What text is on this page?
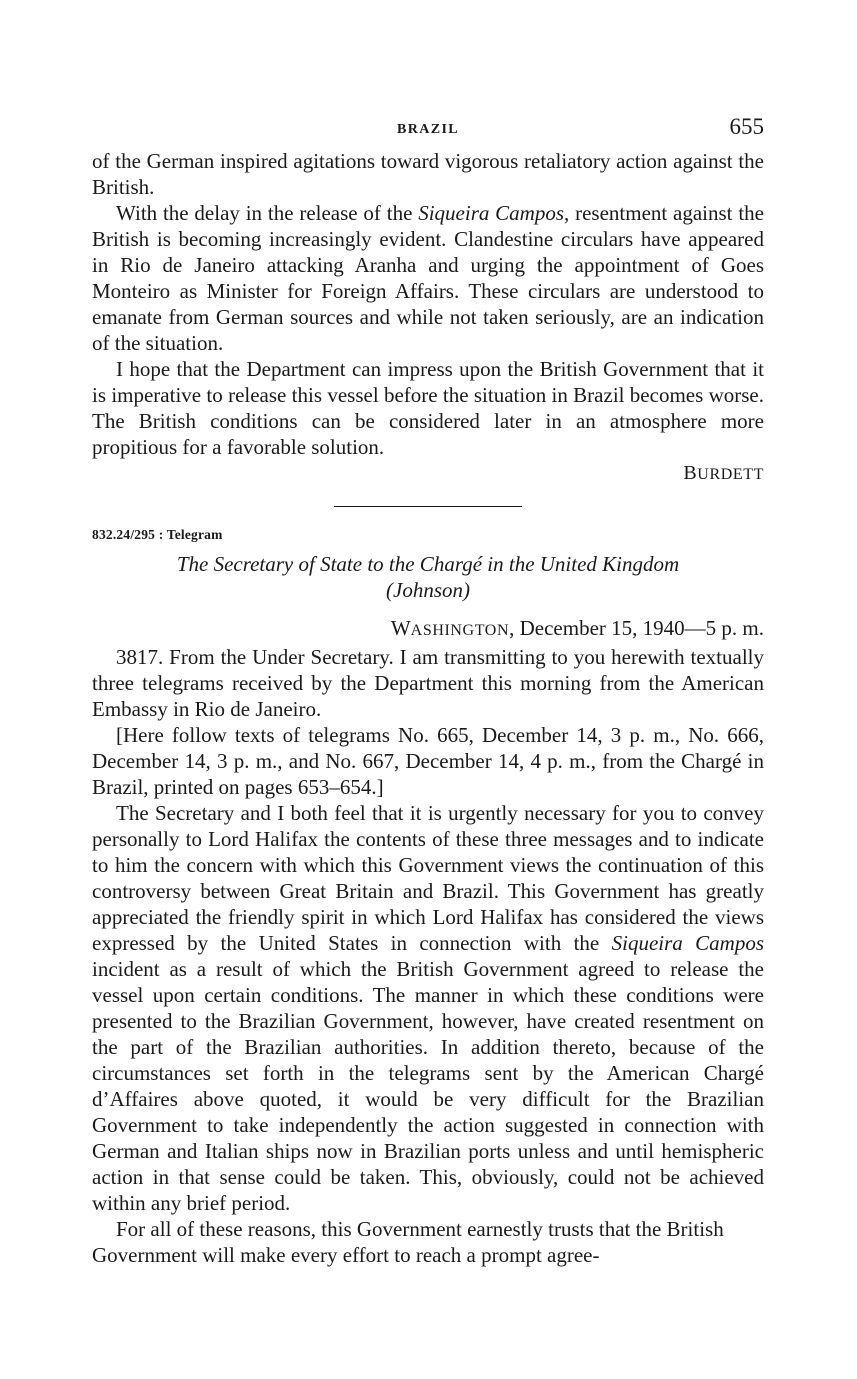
BRAZIL	655

of the German inspired agitations toward vigorous retaliatory action against the British.

With the delay in the release of the Siqueira Campos, resentment against the British is becoming increasingly evident. Clandestine circulars have appeared in Rio de Janeiro attacking Aranha and urging the appointment of Goes Monteiro as Minister for Foreign Affairs. These circulars are understood to emanate from German sources and while not taken seriously, are an indication of the situation.

I hope that the Department can impress upon the British Government that it is imperative to release this vessel before the situation in Brazil becomes worse. The British conditions can be considered later in an atmosphere more propitious for a favorable solution.

BURDETT
832.24/295 : Telegram
The Secretary of State to the Chargé in the United Kingdom
(Johnson)
WASHINGTON, December 15, 1940—5 p. m.

3817. From the Under Secretary. I am transmitting to you herewith textually three telegrams received by the Department this morning from the American Embassy in Rio de Janeiro.

[Here follow texts of telegrams No. 665, December 14, 3 p. m., No. 666, December 14, 3 p. m., and No. 667, December 14, 4 p. m., from the Chargé in Brazil, printed on pages 653–654.]

The Secretary and I both feel that it is urgently necessary for you to convey personally to Lord Halifax the contents of these three messages and to indicate to him the concern with which this Government views the continuation of this controversy between Great Britain and Brazil. This Government has greatly appreciated the friendly spirit in which Lord Halifax has considered the views expressed by the United States in connection with the Siqueira Campos incident as a result of which the British Government agreed to release the vessel upon certain conditions. The manner in which these conditions were presented to the Brazilian Government, however, have created resentment on the part of the Brazilian authorities. In addition thereto, because of the circumstances set forth in the telegrams sent by the American Chargé d’Affaires above quoted, it would be very difficult for the Brazilian Government to take independently the action suggested in connection with German and Italian ships now in Brazilian ports unless and until hemispheric action in that sense could be taken. This, obviously, could not be achieved within any brief period.

For all of these reasons, this Government earnestly trusts that the British Government will make every effort to reach a prompt agree-
